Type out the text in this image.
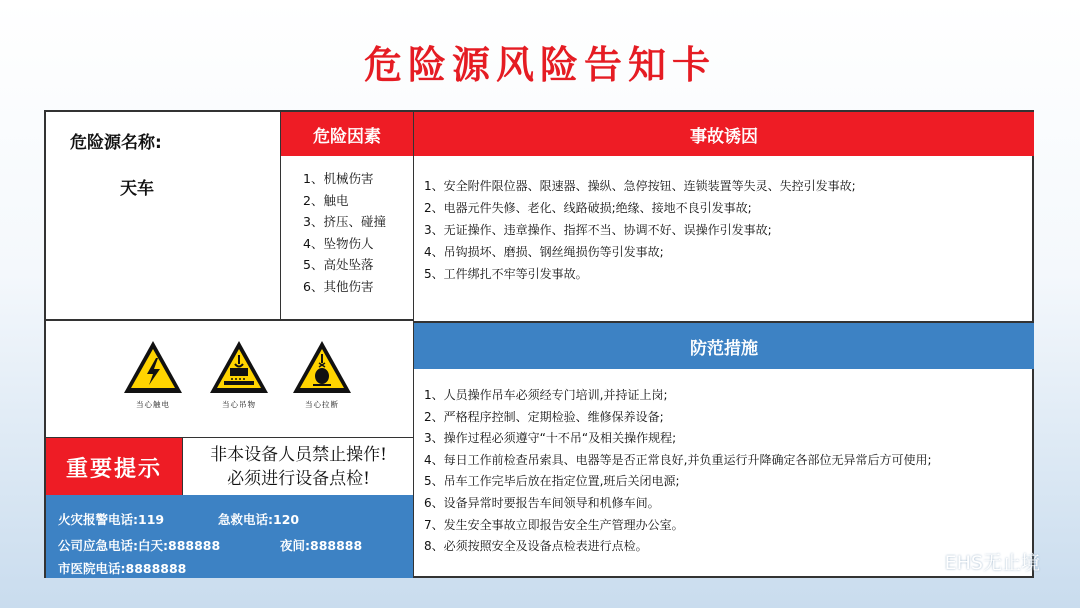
危险源风险告知卡
危险源名称:
天车
危险因素
1、机械伤害
2、触电
3、挤压、碰撞
4、坠物伤人
5、高处坠落
6、其他伤害
事故诱因
1、安全附件限位器、限速器、操纵、急停按钮、连锁装置等失灵、失控引发事故;
2、电器元件失修、老化、线路破损;绝缘、接地不良引发事故;
3、无证操作、违章操作、指挥不当、协调不好、误操作引发事故;
4、吊钩损坏、磨损、钢丝绳损伤等引发事故;
5、工件绑扎不牢等引发事故。
当心触电	当心吊物	当心拉断
防范措施
1、人员操作吊车必须经专门培训,并持证上岗;
2、严格程序控制、定期检验、维修保养设备;
3、操作过程必须遵守“十不吊“及相关操作规程;
4、每日工作前检查吊索具、电器等是否正常良好,并负重运行升降确定各部位无异常后方可使用;
5、吊车工作完毕后放在指定位置,班后关闭电源;
6、设备异常时要报告车间领导和机修车间。
7、发生安全事故立即报告安全生产管理办公室。
8、必须按照安全及设备点检表进行点检。
重要提示
非本设备人员禁止操作!
必须进行设备点检!
火灾报警电话:119	急救电话:120
公司应急电话:白天:888888	夜间:888888
市医院电话:8888888	EHS无止境
